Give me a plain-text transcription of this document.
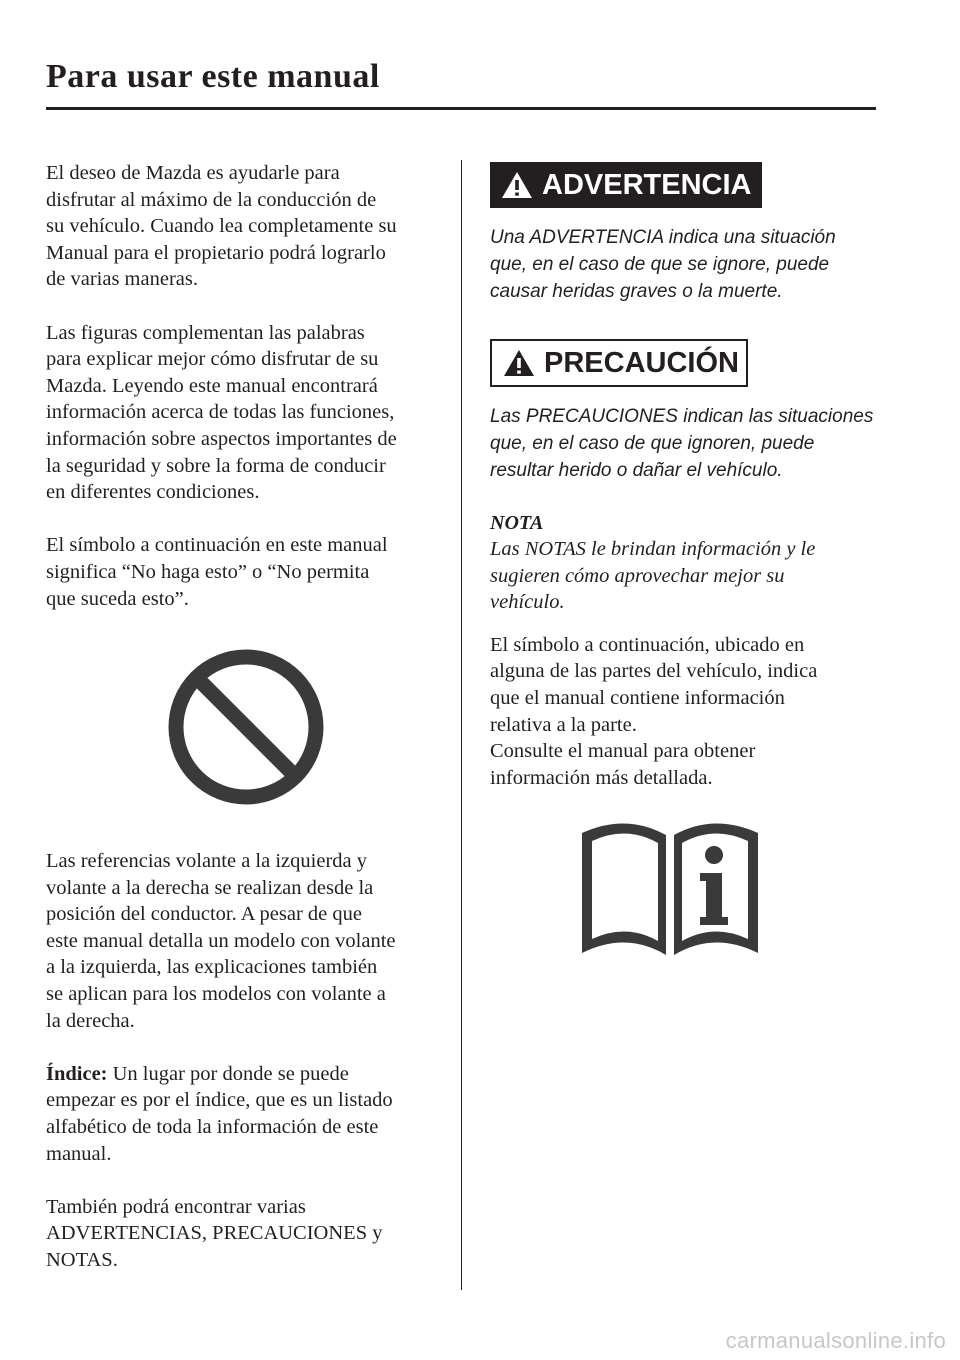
Para usar este manual

El deseo de Mazda es ayudarle para
disfrutar al máximo de la conducción de
su vehículo. Cuando lea completamente su
Manual para el propietario podrá lograrlo
de varias maneras.

Las figuras complementan las palabras
para explicar mejor cómo disfrutar de su
Mazda. Leyendo este manual encontrará
información acerca de todas las funciones,
información sobre aspectos importantes de
la seguridad y sobre la forma de conducir
en diferentes condiciones.

El símbolo a continuación en este manual
significa “No haga esto” o “No permita
que suceda esto”.

Las referencias volante a la izquierda y
volante a la derecha se realizan desde la
posición del conductor. A pesar de que
este manual detalla un modelo con volante
a la izquierda, las explicaciones también
se aplican para los modelos con volante a
la derecha.

Índice: Un lugar por donde se puede
empezar es por el índice, que es un listado
alfabético de toda la información de este
manual.

También podrá encontrar varias
ADVERTENCIAS, PRECAUCIONES y
NOTAS.

ADVERTENCIA

Una ADVERTENCIA indica una situación
que, en el caso de que se ignore, puede
causar heridas graves o la muerte.

PRECAUCIÓN

Las PRECAUCIONES indican las situaciones
que, en el caso de que ignoren, puede
resultar herido o dañar el vehículo.

NOTA

Las NOTAS le brindan información y le
sugieren cómo aprovechar mejor su
vehículo.

El símbolo a continuación, ubicado en
alguna de las partes del vehículo, indica
que el manual contiene información
relativa a la parte.
Consulte el manual para obtener
información más detallada.

carmanualsonline.info
